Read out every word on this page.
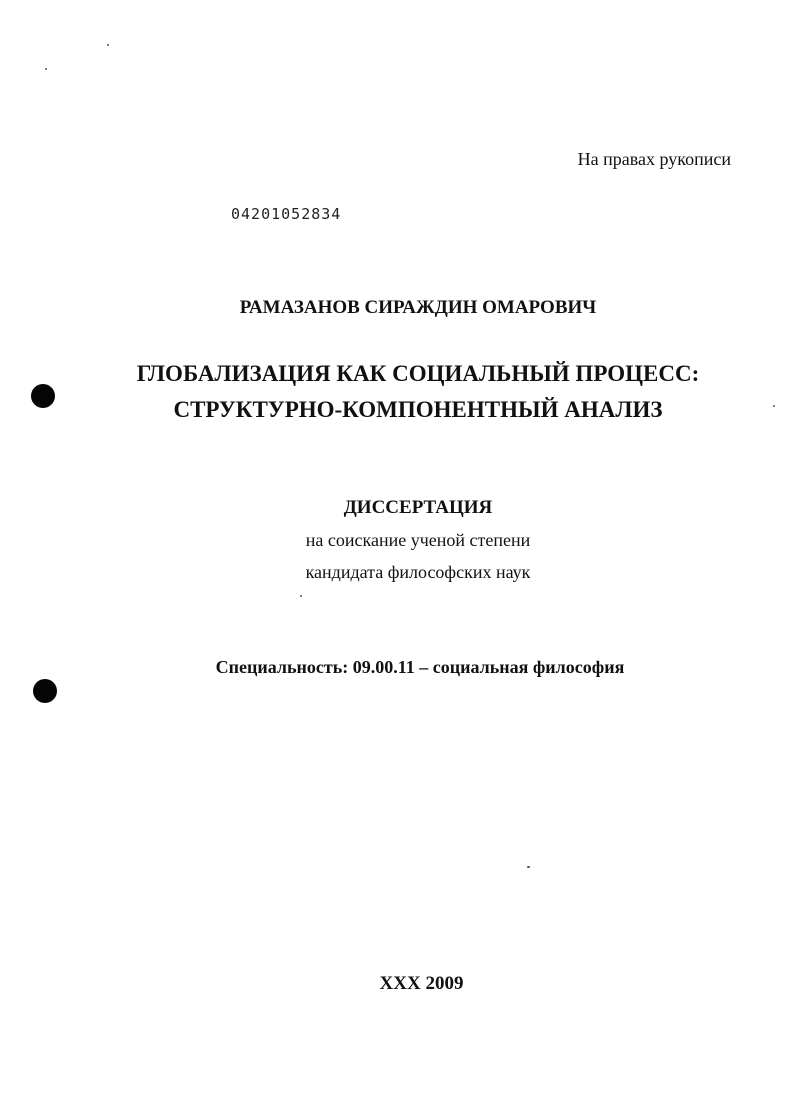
На правах рукописи
04201052834
РАМАЗАНОВ СИРАЖДИН ОМАРОВИЧ
ГЛОБАЛИЗАЦИЯ КАК СОЦИАЛЬНЫЙ ПРОЦЕСС:
СТРУКТУРНО-КОМПОНЕНТНЫЙ АНАЛИЗ
ДИССЕРТАЦИЯ
на соискание ученой степени
кандидата философских наук
Специальность: 09.00.11 – социальная философия
XXX 2009
